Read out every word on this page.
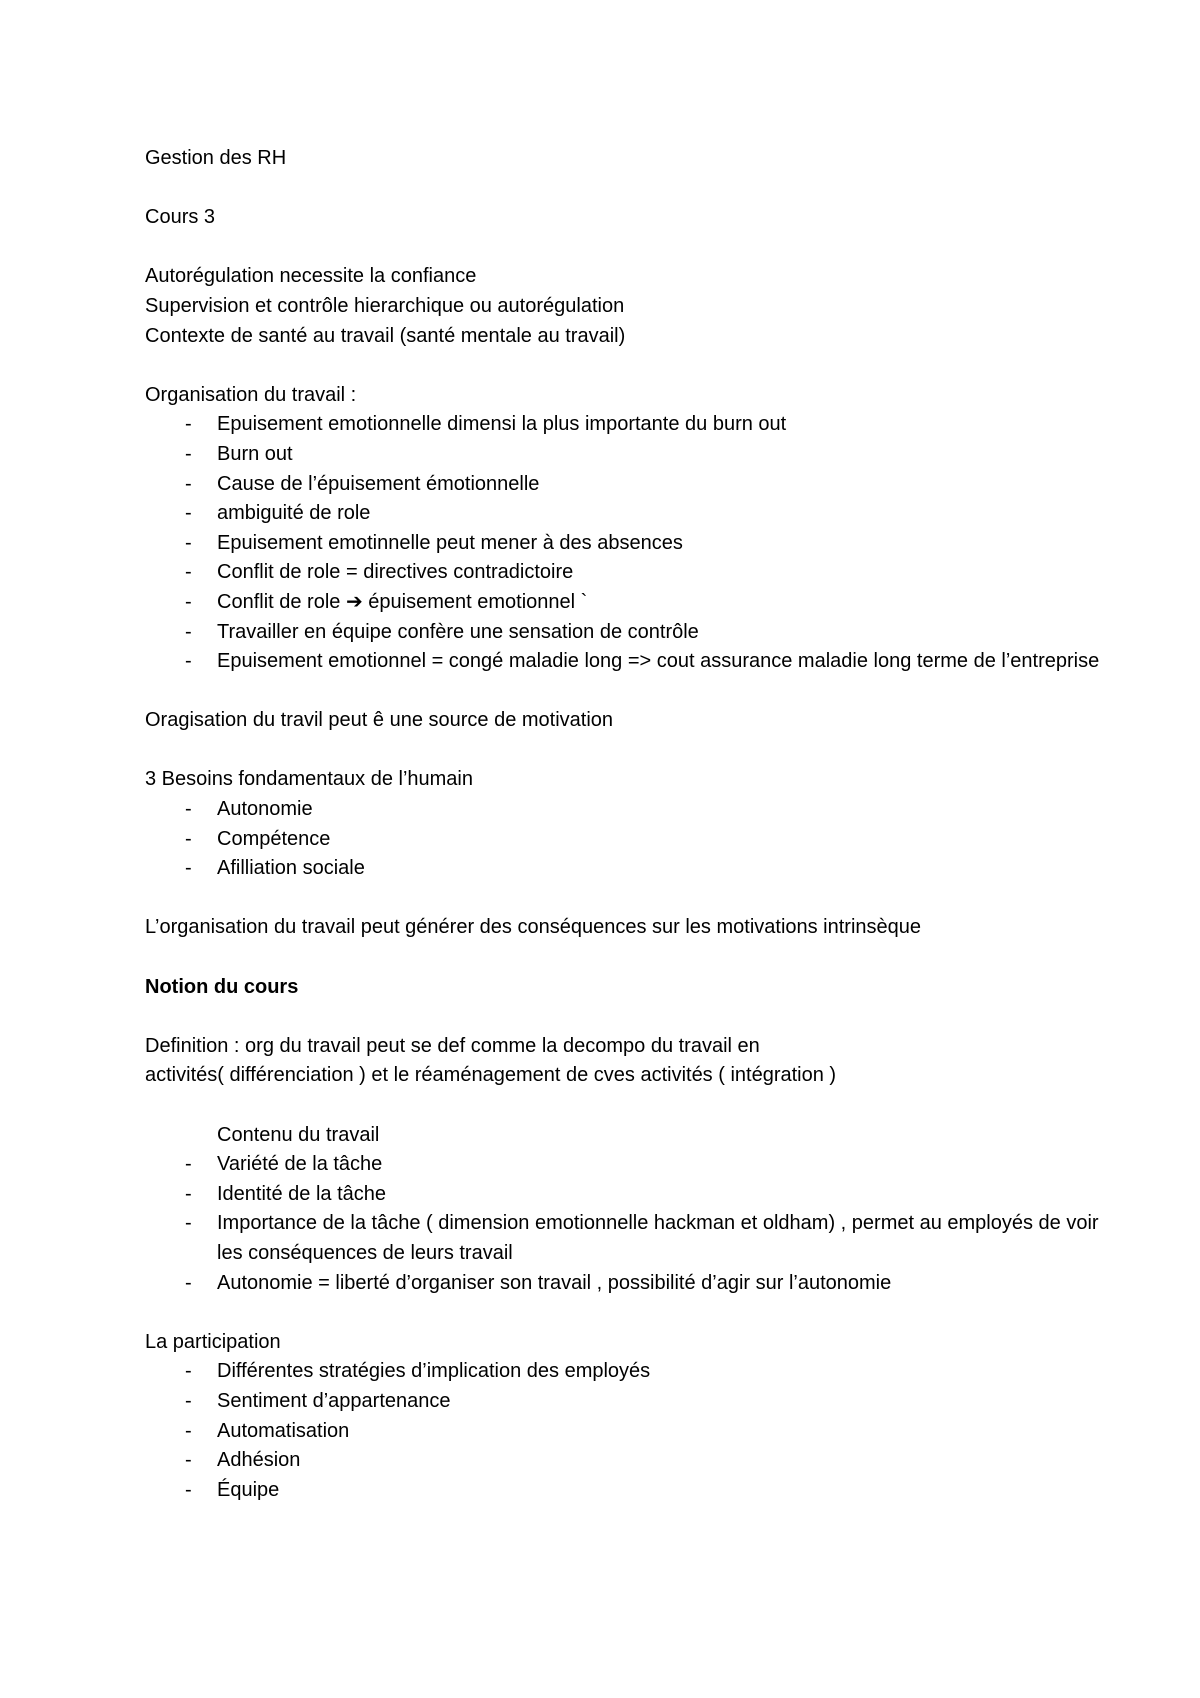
Gestion des RH

Cours 3

Autorégulation necessite la confiance

Supervision et contrôle hierarchique ou autorégulation

Contexte de santé au travail (santé mentale au travail)

Organisation du travail :

- Epuisement emotionnelle dimensi la plus importante du burn out
- Burn out
- Cause de l’épuisement émotionnelle
- ambiguité de role
- Epuisement emotinnelle peut mener à des absences
- Conflit de role = directives contradictoire
- Conflit de role ➔ épuisement emotionnel `
- Travailler en équipe confère une sensation de contrôle
- Epuisement emotionnel = congé maladie long => cout assurance maladie long terme de l’entreprise

Oragisation du travil peut ê une source de motivation

3 Besoins fondamentaux de l’humain

- Autonomie
- Compétence
- Afilliation sociale

L’organisation du travail peut générer des conséquences sur les motivations intrinsèque

Notion du cours

Definition : org du travail peut se def comme la decompo du travail en

activités( différenciation ) et le réaménagement de cves activités ( intégration )

Contenu du travail

- Variété de la tâche
- Identité de la tâche
- Importance de la tâche ( dimension emotionnelle hackman et oldham) , permet au employés de voir les conséquences de leurs travail
- Autonomie = liberté d’organiser son travail , possibilité d’agir sur l’autonomie

La participation

- Différentes stratégies d’implication des employés
- Sentiment d’appartenance
- Automatisation
- Adhésion
- Équipe
